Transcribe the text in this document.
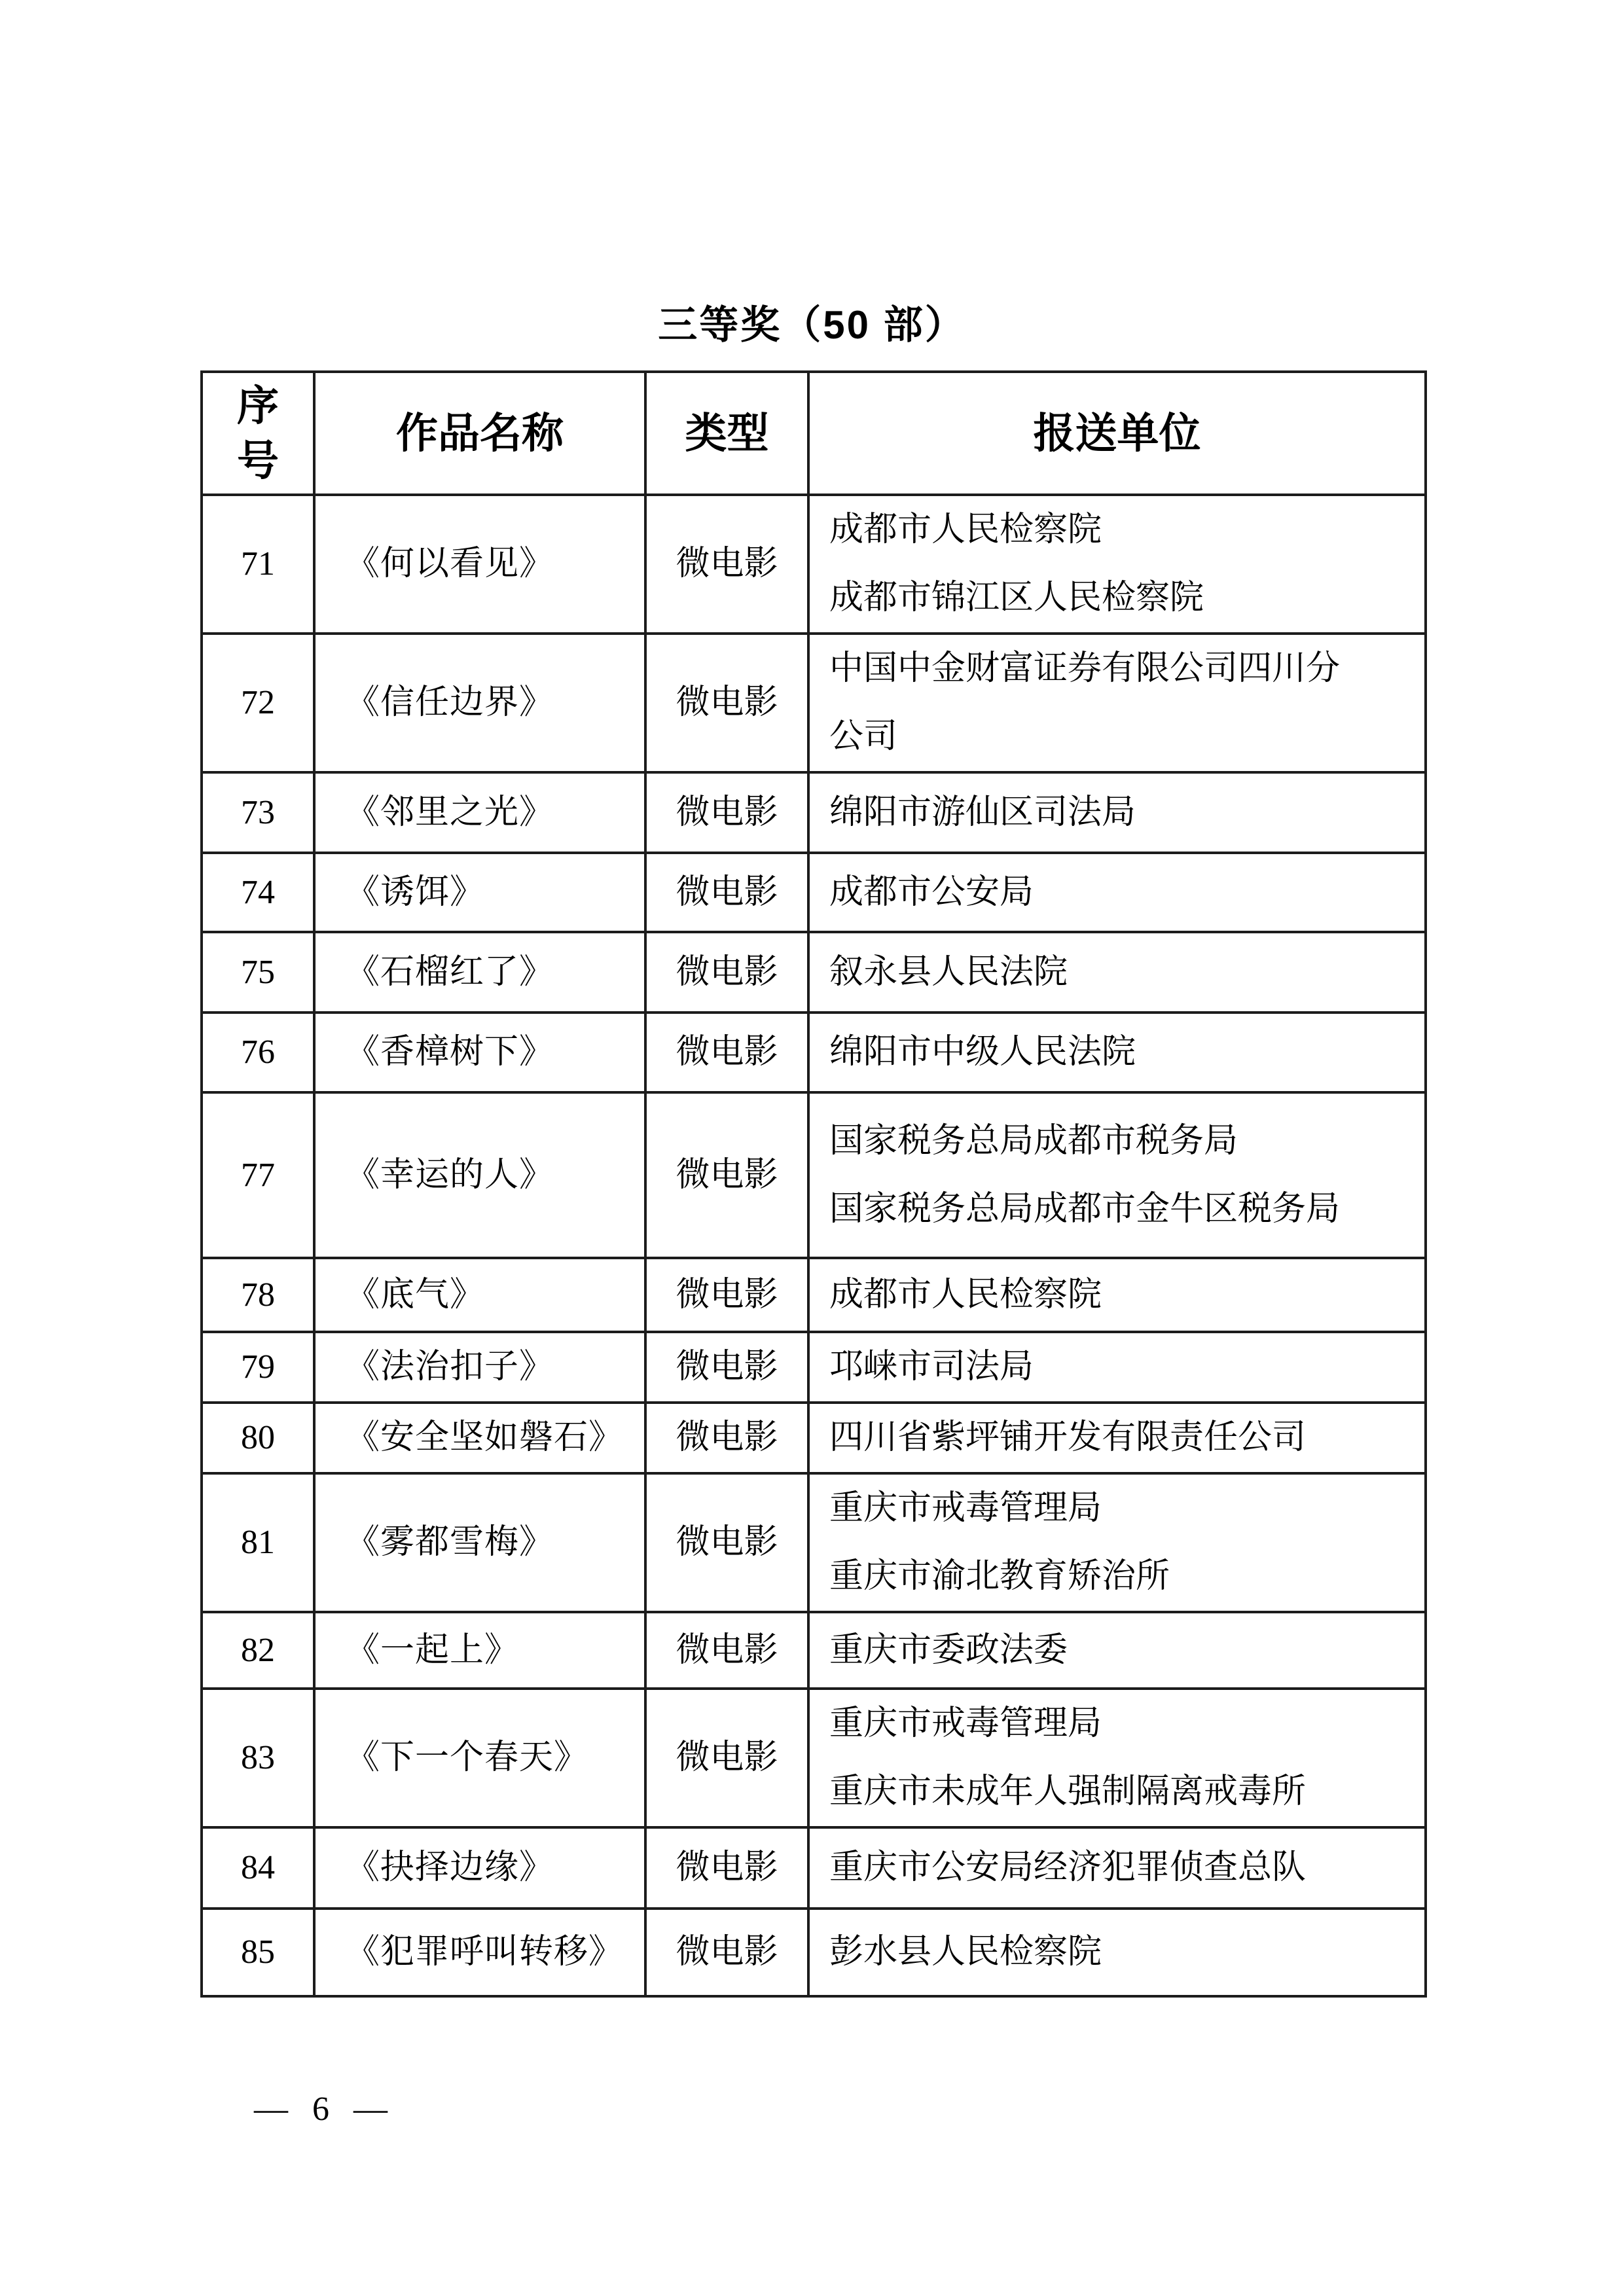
三等奖（50 部）
序
号	作品名称	类型	报送单位
71	《何以看见》	微电影	成都市人民检察院
成都市锦江区人民检察院

72	《信任边界》	微电影	中国中金财富证券有限公司四川分公司

73	《邻里之光》	微电影	绵阳市游仙区司法局

74	《诱饵》	微电影	成都市公安局

75	《石榴红了》	微电影	叙永县人民法院

76	《香樟树下》	微电影	绵阳市中级人民法院

77	《幸运的人》	微电影	国家税务总局成都市税务局
国家税务总局成都市金牛区税务局

78	《底气》	微电影	成都市人民检察院

79	《法治扣子》	微电影	邛崃市司法局

80	《安全坚如磐石》	微电影	四川省紫坪铺开发有限责任公司

81	《雾都雪梅》	微电影	重庆市戒毒管理局
重庆市渝北教育矫治所

82	《一起上》	微电影	重庆市委政法委

83	《下一个春天》	微电影	重庆市戒毒管理局
重庆市未成年人强制隔离戒毒所

84	《抉择边缘》	微电影	重庆市公安局经济犯罪侦查总队

85	《犯罪呼叫转移》	微电影	彭水县人民检察院
— 6 —
